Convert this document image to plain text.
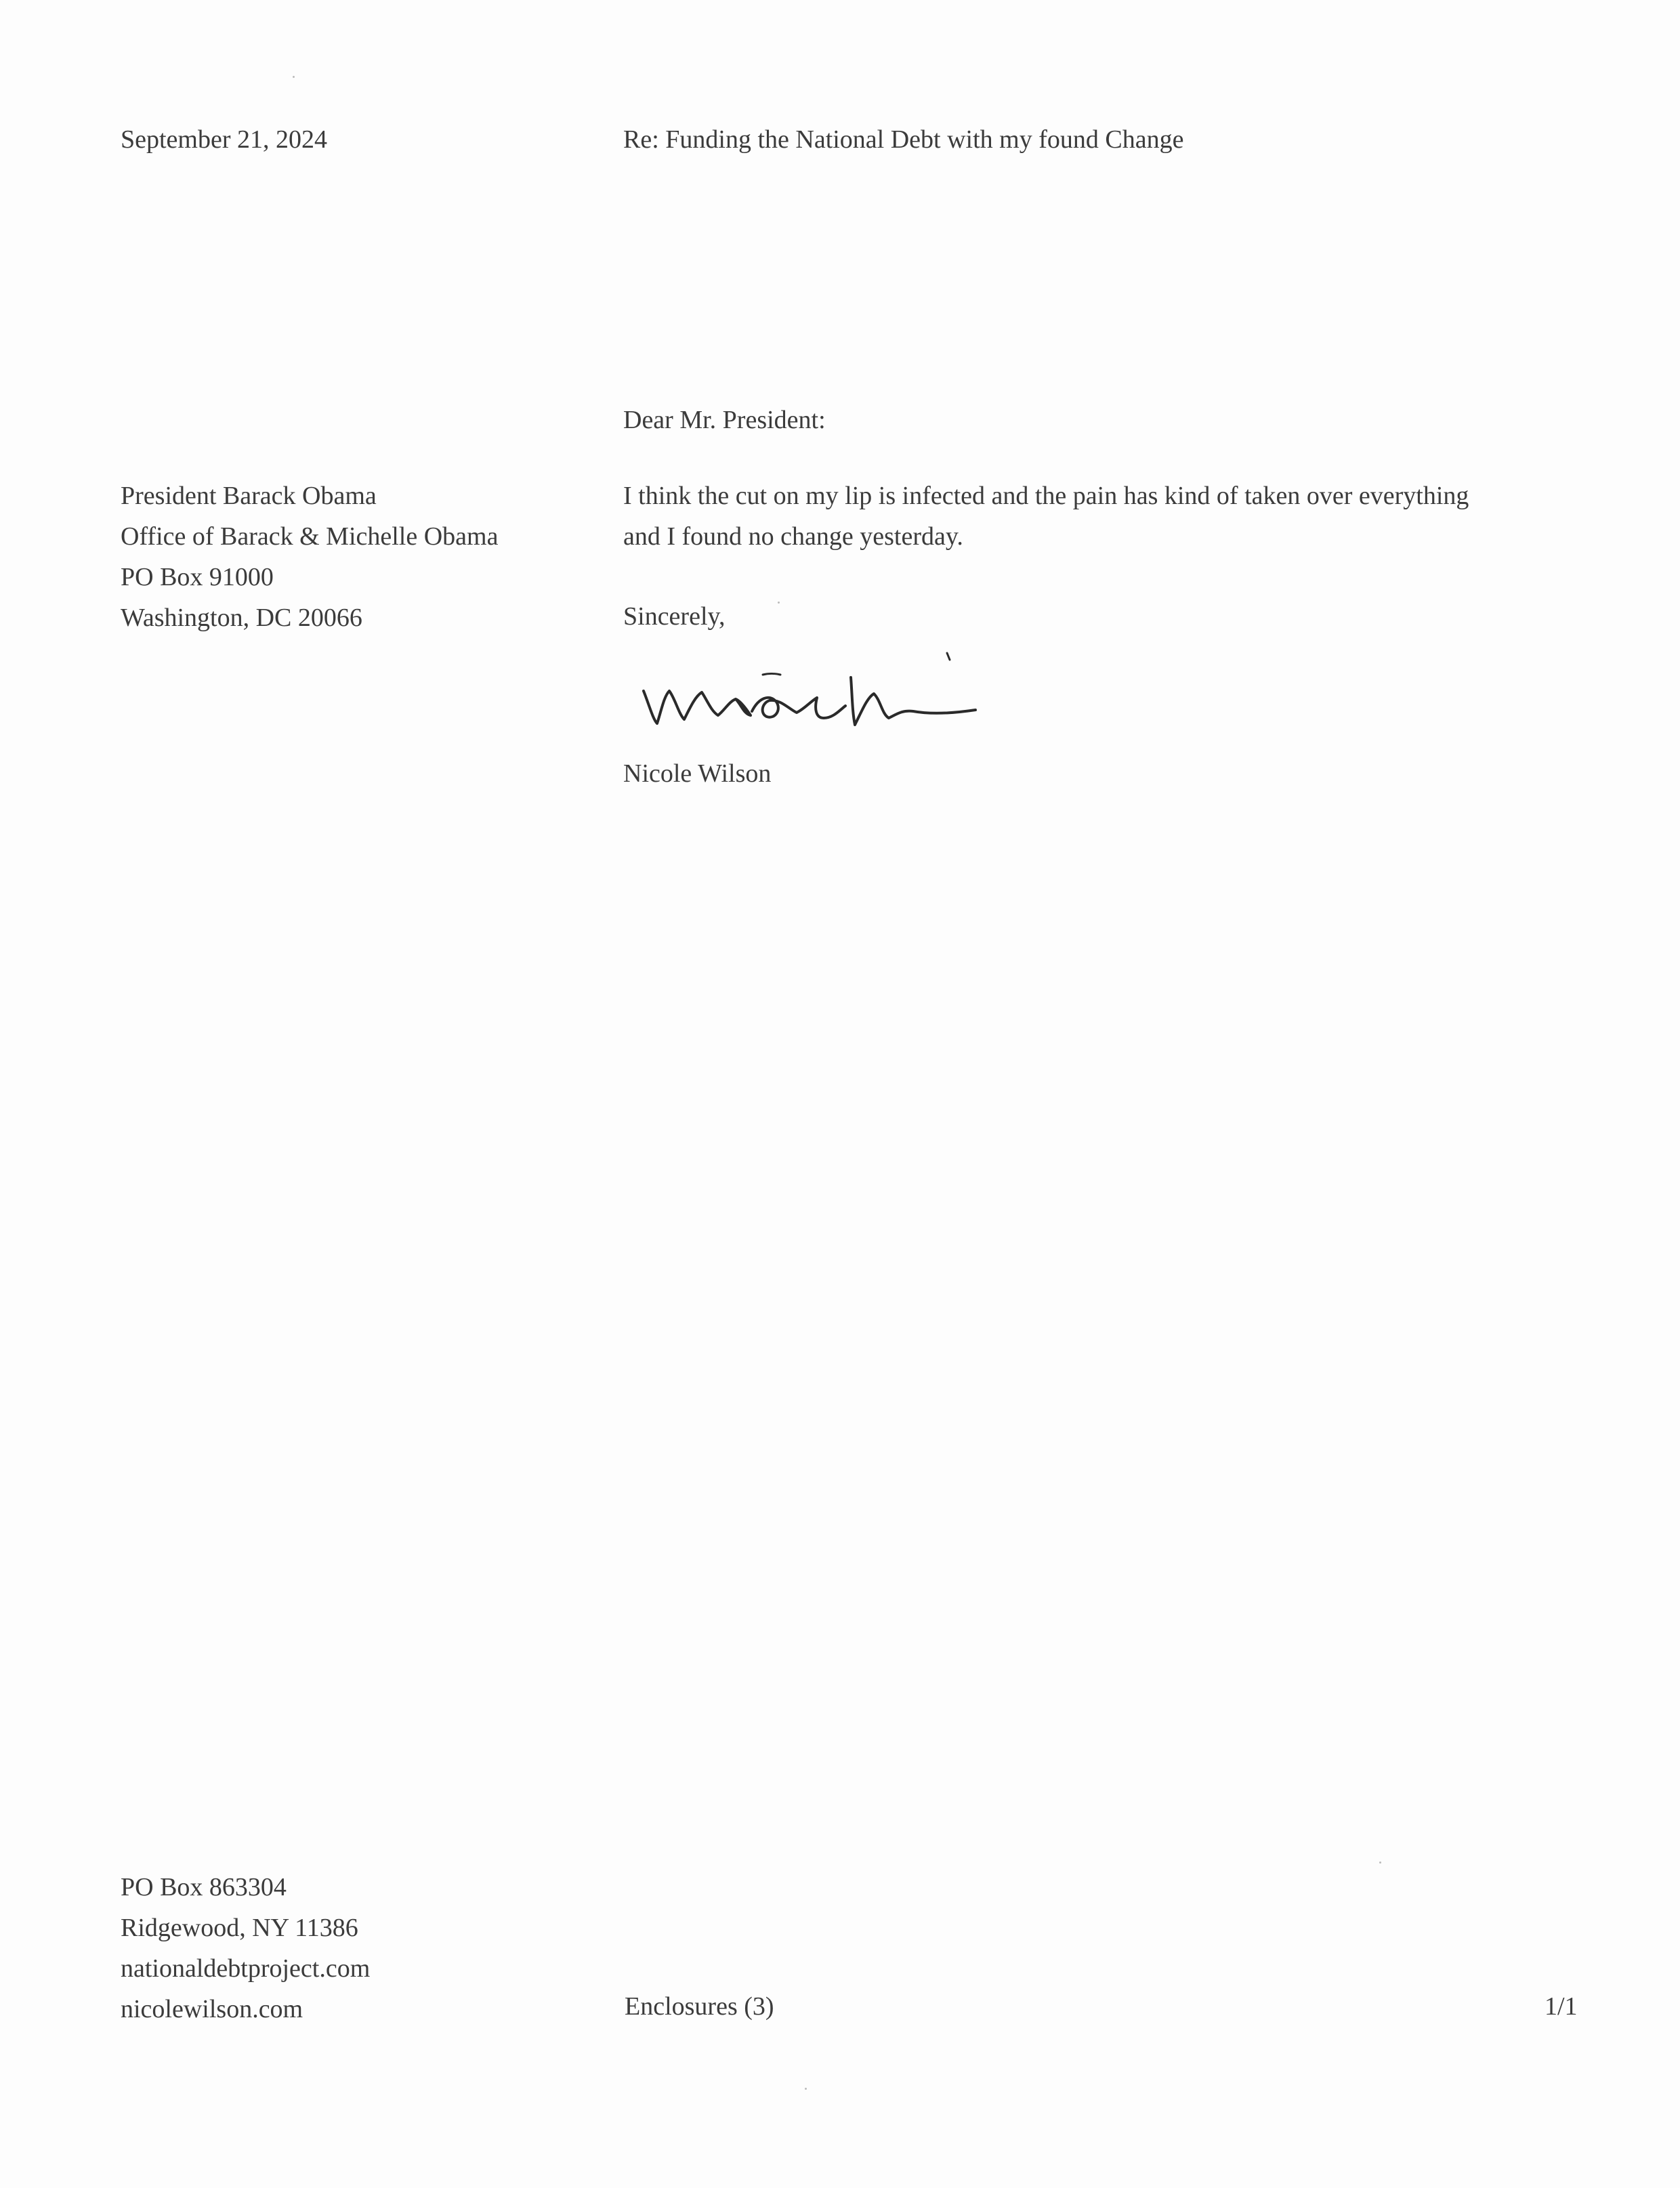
September 21, 2024	Re: Funding the National Debt with my found Change
Dear Mr. President:
President Barack Obama
Office of Barack & Michelle Obama
PO Box 91000
Washington, DC 20066
I think the cut on my lip is infected and the pain has kind of taken over everything
and I found no change yesterday.
Sincerely,
Nicole Wilson
PO Box 863304
Ridgewood, NY 11386
nationaldebtproject.com
nicolewilson.com	Enclosures (3)	1/1
